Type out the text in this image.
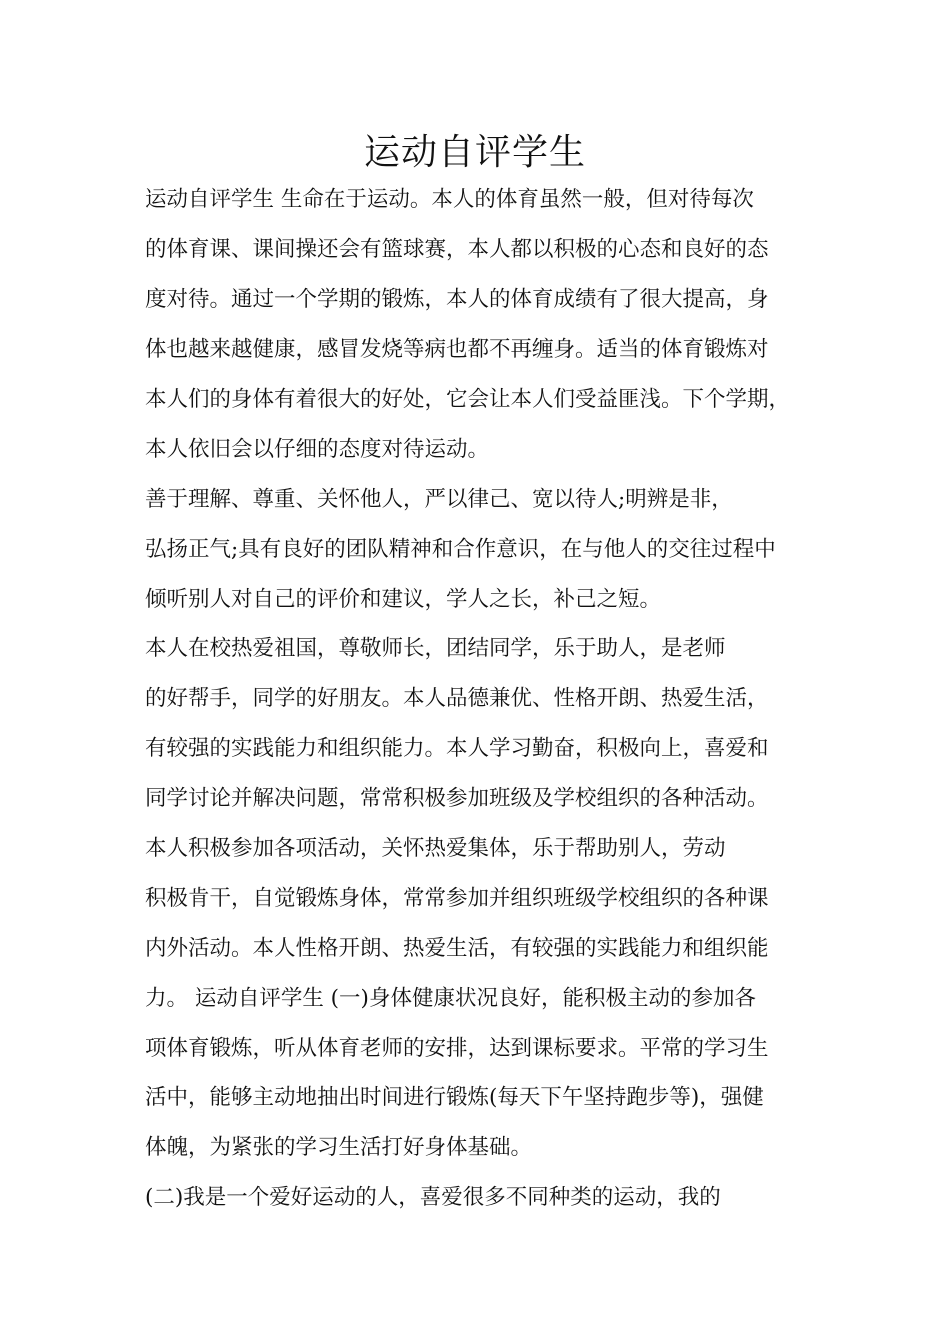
运动自评学生
运动自评学生 生命在于运动。本人的体育虽然一般，但对待每次
的体育课、课间操还会有篮球赛，本人都以积极的心态和良好的态
度对待。通过一个学期的锻炼，本人的体育成绩有了很大提高，身
体也越来越健康，感冒发烧等病也都不再缠身。适当的体育锻炼对
本人们的身体有着很大的好处，它会让本人们受益匪浅。下个学期，
本人依旧会以仔细的态度对待运动。
善于理解、尊重、关怀他人，严以律己、宽以待人;明辨是非，
弘扬正气;具有良好的团队精神和合作意识，在与他人的交往过程中
倾听别人对自己的评价和建议，学人之长，补己之短。
本人在校热爱祖国，尊敬师长，团结同学，乐于助人，是老师
的好帮手，同学的好朋友。本人品德兼优、性格开朗、热爱生活，
有较强的实践能力和组织能力。本人学习勤奋，积极向上，喜爱和
同学讨论并解决问题，常常积极参加班级及学校组织的各种活动。
本人积极参加各项活动，关怀热爱集体，乐于帮助别人，劳动
积极肯干，自觉锻炼身体，常常参加并组织班级学校组织的各种课
内外活动。本人性格开朗、热爱生活，有较强的实践能力和组织能
力。 运动自评学生 (一)身体健康状况良好，能积极主动的参加各
项体育锻炼，听从体育老师的安排，达到课标要求。平常的学习生
活中，能够主动地抽出时间进行锻炼(每天下午坚持跑步等)，强健
体魄，为紧张的学习生活打好身体基础。
(二)我是一个爱好运动的人，喜爱很多不同种类的运动，我的
